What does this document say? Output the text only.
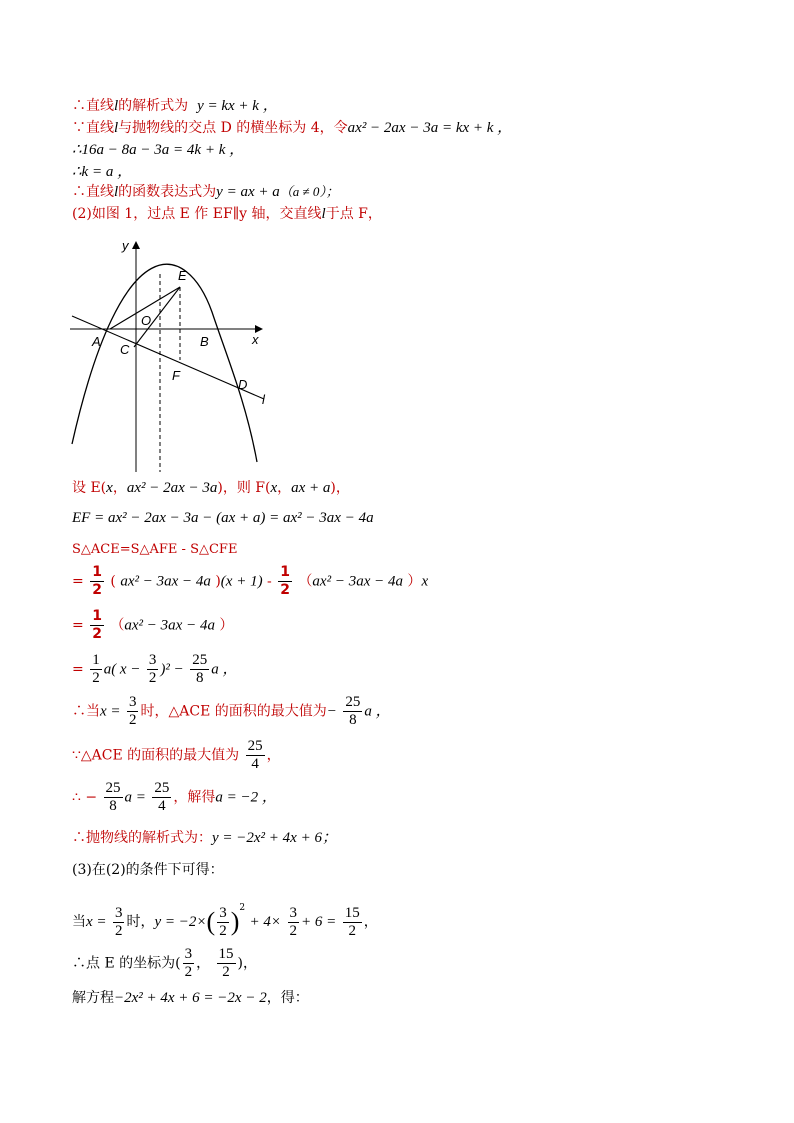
∴直线l的解析式为 y = kx + k ，
∵直线l与抛物线的交点 D 的横坐标为 4，令ax² − 2ax − 3a = kx + k ，
∴16a − 8a − 3a = 4k + k ，
∴k = a ，
∴直线l的函数表达式为y = ax + a（a ≠ 0）；
(2)如图 1，过点 E 作 EF∥y 轴，交直线l于点 F，
y
x
O
A	B
C
D
E
F
l
设 E(x，ax² − 2ax − 3a)，则 F(x，ax + a)，
EF = ax² − 2ax − 3a − (ax + a) = ax² − 3ax − 4a
S△ACE=S△AFE - S△CFE
= $\frac{1}{2}$ ( ax² − 3ax − 4a )$(x + 1) - \frac{1}{2} (ax^2 - 3ax - 4a$ ）x
= $\frac{1}{2} (ax^2 - 3ax - 4a$ ）
= $\frac{1}{2} a$( $x - \frac{3}{2} )^2 - \frac{25}{8}$ a ，
∴当$x = \frac{3}{2}$ 时，△ACE 的面积的最大值为− $\frac{25}{8}$ a ，
∵△ACE 的面积的最大值为 $\frac{25}{4}$ ，
∴ − $\frac{25}{8}$ $a = \frac{25}{4}$ ，解得a = −2 ，
∴抛物线的解析式为：y = −2x² + 4x + 6；
(3)在(2)的条件下可得：
当$x = \frac{3}{2}$ 时，$y = -2\times( \frac{3}{2} )^2 + 4\times \frac{3}{2} + 6 = \frac{15}{2}$ ，
∴点 E 的坐标为( $\frac{3}{2}$ ， $\frac{15}{2}$ )，
解方程−2x² + 4x + 6 = −2x − 2，得：
